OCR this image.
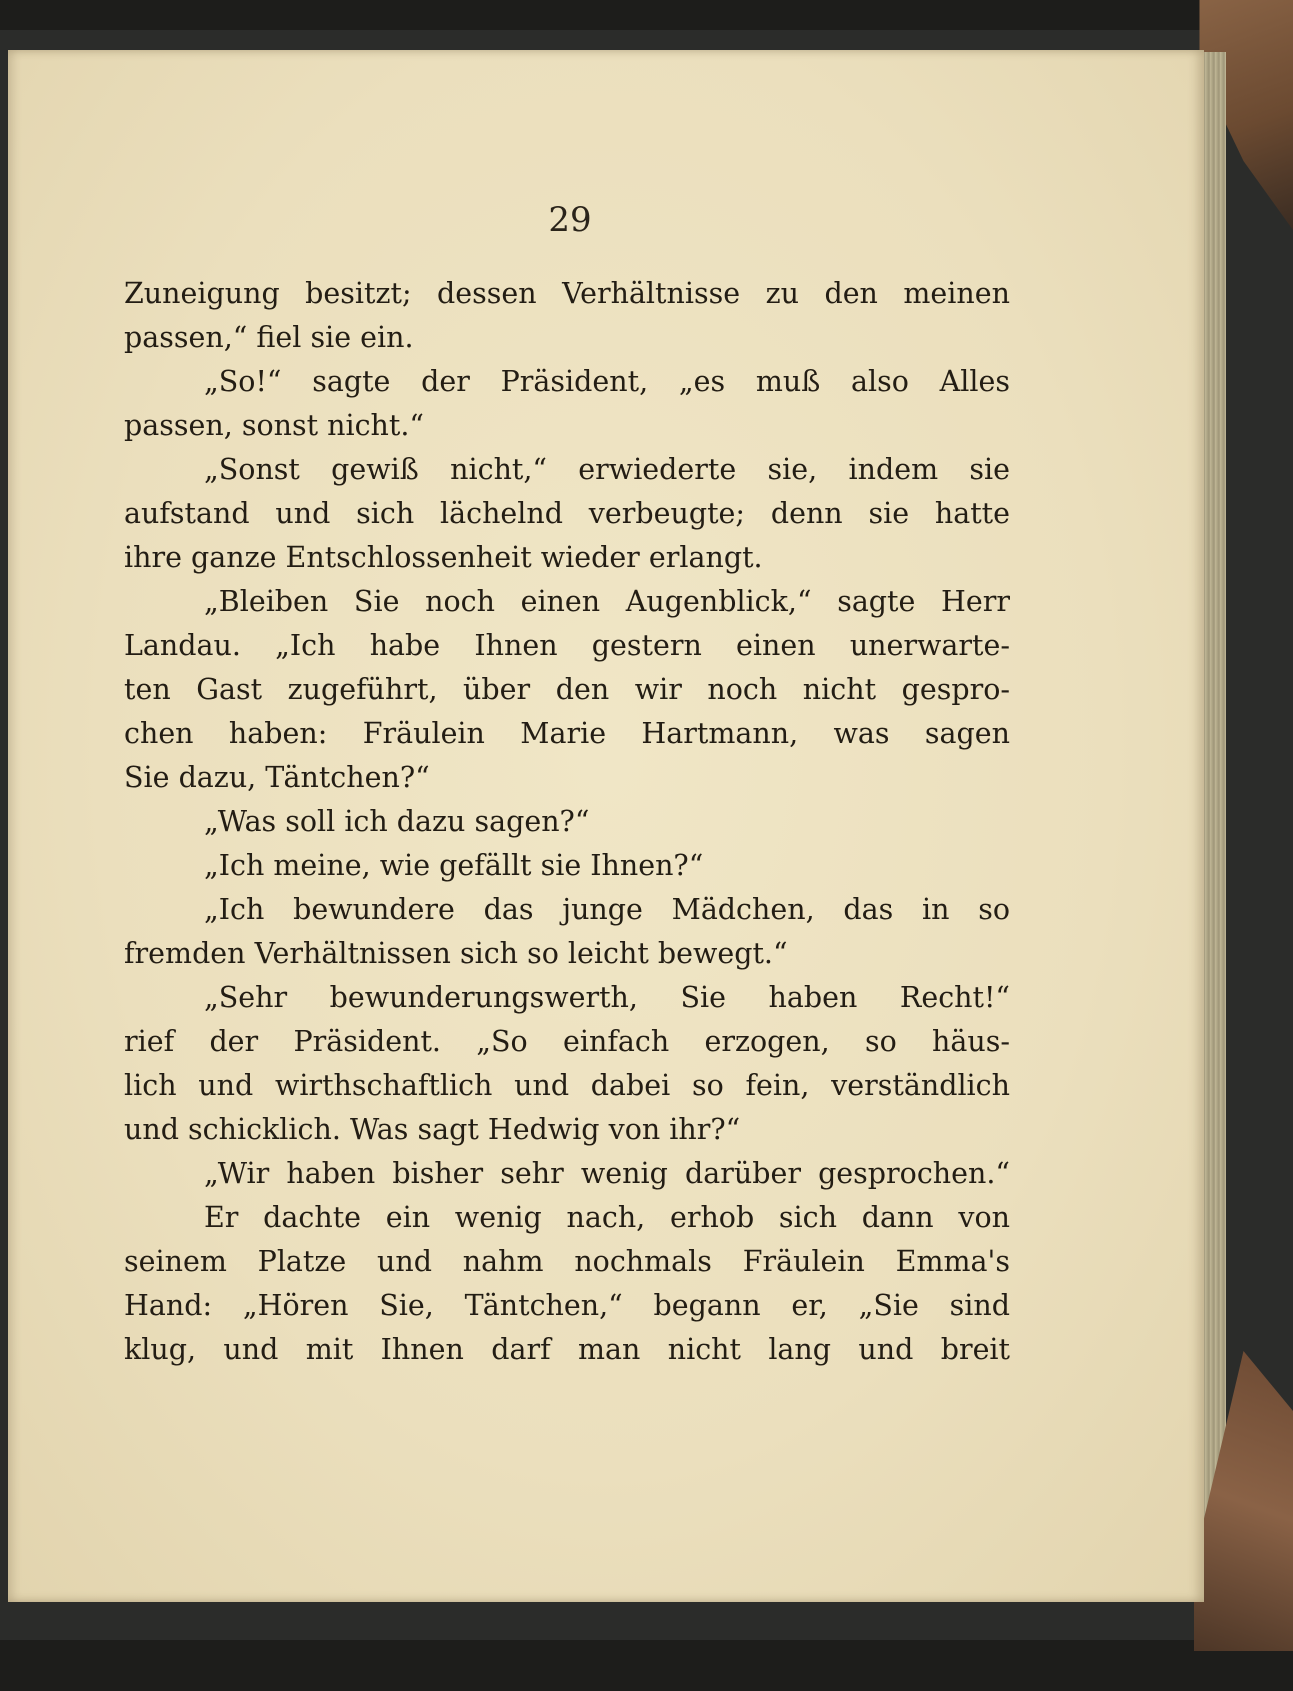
29
Zuneigung besitzt; dessen Verhältnisse zu den meinen
passen,“ fiel sie ein.
„So!“ sagte der Präsident, „es muß also Alles
passen, sonst nicht.“
„Sonst gewiß nicht,“ erwiederte sie, indem sie
aufstand und sich lächelnd verbeugte; denn sie hatte
ihre ganze Entschlossenheit wieder erlangt.
„Bleiben Sie noch einen Augenblick,“ sagte Herr
Landau. „Ich habe Ihnen gestern einen unerwarte-
ten Gast zugeführt, über den wir noch nicht gespro-
chen haben: Fräulein Marie Hartmann, was sagen
Sie dazu, Täntchen?“
„Was soll ich dazu sagen?“
„Ich meine, wie gefällt sie Ihnen?“
„Ich bewundere das junge Mädchen, das in so
fremden Verhältnissen sich so leicht bewegt.“
„Sehr bewunderungswerth, Sie haben Recht!“
rief der Präsident. „So einfach erzogen, so häus-
lich und wirthschaftlich und dabei so fein, verständlich
und schicklich. Was sagt Hedwig von ihr?“
„Wir haben bisher sehr wenig darüber gesprochen.“
Er dachte ein wenig nach, erhob sich dann von
seinem Platze und nahm nochmals Fräulein Emma's
Hand: „Hören Sie, Täntchen,“ begann er, „Sie sind
klug, und mit Ihnen darf man nicht lang und breit
